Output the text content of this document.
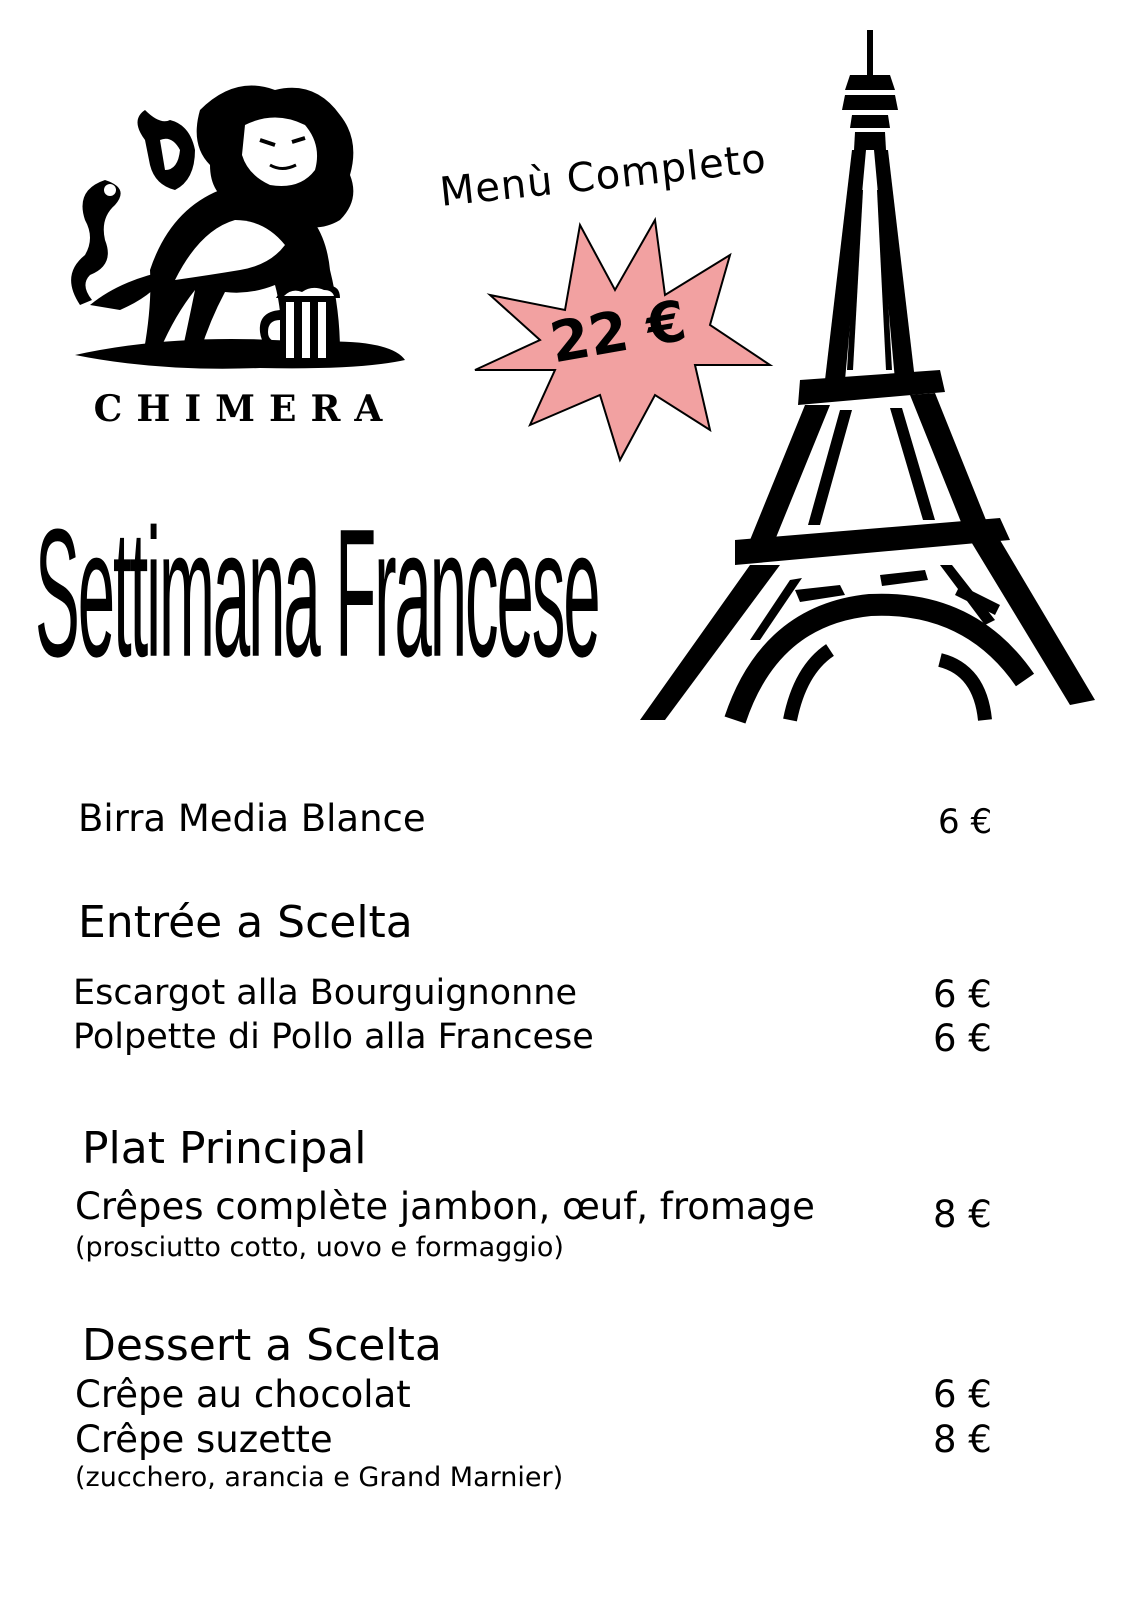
CHIMERA
Menù Completo
22 €
Settimana Francese
Birra Media Blance	6 €
Entrée a Scelta
Escargot alla Bourguignonne	6 €
Polpette di Pollo alla Francese	6 €
Plat Principal
Crêpes complète jambon, œuf, fromage	8 €
(prosciutto cotto, uovo e formaggio)
Dessert a Scelta
Crêpe au chocolat	6 €
Crêpe suzette	8 €
(zucchero, arancia e Grand Marnier)
